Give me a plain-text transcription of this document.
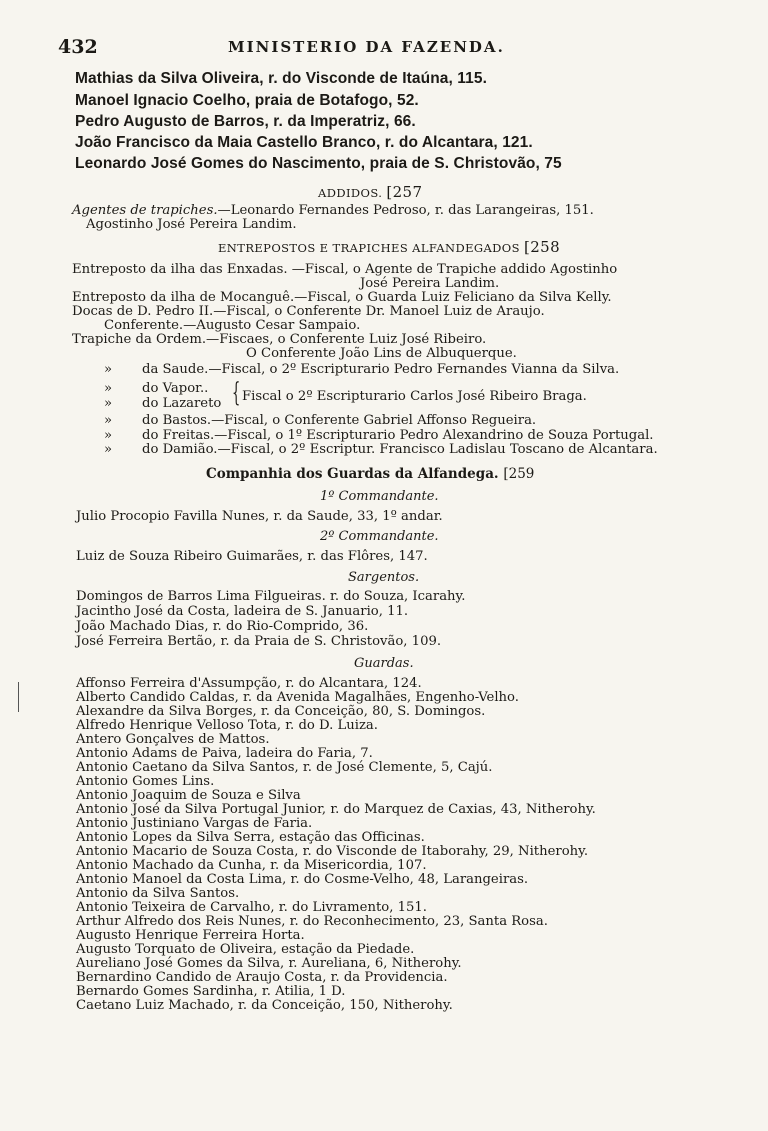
432	MINISTERIO DA FAZENDA.
Mathias da Silva Oliveira, r. do Visconde de Itaúna, 115.
Manoel Ignacio Coelho, praia de Botafogo, 52.
Pedro Augusto de Barros, r. da Imperatriz, 66.
João Francisco da Maia Castello Branco, r. do Alcantara, 121.
Leonardo José Gomes do Nascimento, praia de S. Christovão, 75
ADDIDOS. [257
Agentes de trapiches.—Leonardo Fernandes Pedroso, r. das Larangeiras, 151.
Agostinho José Pereira Landim.
ENTREPOSTOS E TRAPICHES ALFANDEGADOS [258
Entreposto da ilha das Enxadas. —Fiscal, o Agente de Trapiche addido Agostinho
José Pereira Landim.
Entreposto da ilha de Mocanguê.—Fiscal, o Guarda Luiz Feliciano da Silva Kelly.
Docas de D. Pedro II.—Fiscal, o Conferente Dr. Manoel Luiz de Araujo.
Conferente.—Augusto Cesar Sampaio.
Trapiche da Ordem.—Fiscaes, o Conferente Luiz José Ribeiro.
O Conferente João Lins de Albuquerque.
» da Saude.—Fiscal, o 2º Escripturario Pedro Fernandes Vianna da Silva.
» do Vapor..
» do Lazareto { Fiscal o 2º Escripturario Carlos José Ribeiro Braga.
» do Bastos.—Fiscal, o Conferente Gabriel Affonso Regueira.
» do Freitas.—Fiscal, o 1º Escripturario Pedro Alexandrino de Souza Portugal.
» do Damião.—Fiscal, o 2º Escriptur. Francisco Ladislau Toscano de Alcantara.
Companhia dos Guardas da Alfandega. [259
1º Commandante.
Julio Procopio Favilla Nunes, r. da Saude, 33, 1º andar.
2º Commandante.
Luiz de Souza Ribeiro Guimarães, r. das Flôres, 147.
Sargentos.
Domingos de Barros Lima Filgueiras. r. do Souza, Icarahy.
Jacintho José da Costa, ladeira de S. Januario, 11.
João Machado Dias, r. do Rio-Comprido, 36.
José Ferreira Bertão, r. da Praia de S. Christovão, 109.
Guardas.
Affonso Ferreira d'Assumpção, r. do Alcantara, 124.
Alberto Candido Caldas, r. da Avenida Magalhães, Engenho-Velho.
Alexandre da Silva Borges, r. da Conceição, 80, S. Domingos.
Alfredo Henrique Velloso Tota, r. do D. Luiza.
Antero Gonçalves de Mattos.
Antonio Adams de Paiva, ladeira do Faria, 7.
Antonio Caetano da Silva Santos, r. de José Clemente, 5, Cajú.
Antonio Gomes Lins.
Antonio Joaquim de Souza e Silva
Antonio José da Silva Portugal Junior, r. do Marquez de Caxias, 43, Nitherohy.
Antonio Justiniano Vargas de Faria.
Antonio Lopes da Silva Serra, estação das Officinas.
Antonio Macario de Souza Costa, r. do Visconde de Itaborahy, 29, Nitherohy.
Antonio Machado da Cunha, r. da Misericordia, 107.
Antonio Manoel da Costa Lima, r. do Cosme-Velho, 48, Larangeiras.
Antonio da Silva Santos.
Antonio Teixeira de Carvalho, r. do Livramento, 151.
Arthur Alfredo dos Reis Nunes, r. do Reconhecimento, 23, Santa Rosa.
Augusto Henrique Ferreira Horta.
Augusto Torquato de Oliveira, estação da Piedade.
Aureliano José Gomes da Silva, r. Aureliana, 6, Nitherohy.
Bernardino Candido de Araujo Costa, r. da Providencia.
Bernardo Gomes Sardinha, r. Atilia, 1 D.
Caetano Luiz Machado, r. da Conceição, 150, Nitherohy.
